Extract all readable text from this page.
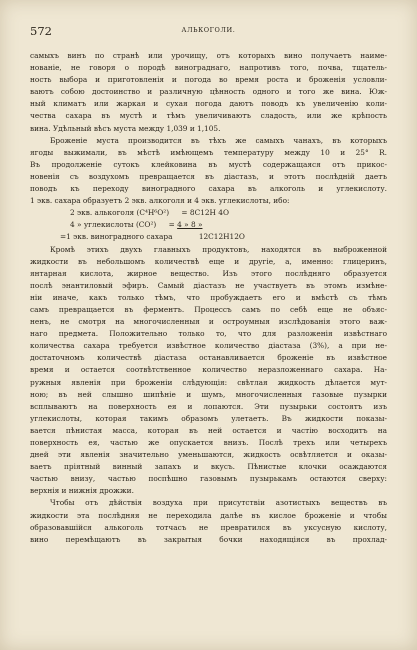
572	АЛЬКОГОЛИ.
самыхъ винъ по странѣ или урочищу, отъ которыхъ вино получаетъ наиме-
нованіе, не говоря о породѣ винограднаго, напротивъ того, почва, тщатель-
ность выбора и приготовленія и погода во время роста и броженія условли-
ваютъ собою достоинство и различную цѣнность одного и того же вина. Юж-
ный климатъ или жаркая и сухая погода даютъ поводъ къ увеличенію коли-
чества сахара въ мустѣ и тѣмъ увеличиваютъ сладость, или же крѣпость
вина. Удѣльный вѣсъ муста между 1,039 и 1,105.
Броженіе муста производится въ тѣхъ же самыхъ чанахъ, въ которыхъ
ягоды выжимали, въ мѣстѣ имѣющемъ температуру между 10 и 25° R.
Въ продолженіе сутокъ клейковина въ мустѣ содержащаяся отъ прикос-
новенія съ воздухомъ превращается въ діастазъ, и этотъ послѣдній даетъ
поводъ къ переходу виноградного сахара въ алкоголь и углекислоту.
1 экв. сахара образуетъ 2 экв. алкоголя и 4 экв. углекислоты, ибо:
2 экв. алькоголя (C⁴H⁶O²) = 8C12H 4O
4 » углекислоты (CO²) = 4 » 8 »
=1 экв. виноградного сахара	12C12H12O
Кромѣ этихъ двухъ главныхъ продуктовъ, находятся въ выброженной
жидкости въ небольшомъ количествѣ еще и другіе, а, именно: глицеринъ,
янтарная кислота, жирное вещество. Изъ этого послѣдняго образуется
послѣ энантиловый эфиръ. Самый діастазъ не участвуетъ въ этомъ измѣне-
ніи иначе, какъ только тѣмъ, что пробуждаетъ его и вмѣстѣ съ тѣмъ
самъ превращается въ ферментъ. Процессъ самъ по себѣ еще не объяс-
ненъ, не смотря на многочисленныя и остроумныя изслѣдованія этого важ-
наго предмета. Положительно только то, что для разложенія извѣстнаго
количества сахара требуется извѣстное количество діастаза (3%), а при не-
достаточномъ количествѣ діастаза останавливается броженіе въ извѣстное
время и остается соотвѣтственное количество неразложеннаго сахара. На-
ружныя явленія при броженіи слѣдующія: свѣтлая жидкость дѣлается мут-
ною; въ ней слышно шипѣніе и шумъ, многочисленныя газовые пузырки
всплываютъ на поверхность ея и лопаются. Эти пузырьки состоятъ изъ
углекислоты, которая такимъ образомъ улетаетъ. Въ жидкости показы-
вается пѣнистая масса, которая въ ней остается и частію восходитъ на
поверхность ея, частью же опускается внизъ. Послѣ трехъ или четырехъ
дней эти явленія значительно уменьшаются, жидкость освѣтляется и оказы-
ваетъ пріятный винный запахъ и вкусъ. Пѣнистые клочки осаждаются
частью внизу, частью поспѣшно газовымъ пузырькамъ остаются сверху:
верхнія и нижнія дрожжи.
Чтобы отъ дѣйствія воздуха при присутствіи азотистыхъ веществъ въ
жидкости эта послѣдняя не переходила далѣе въ кислое броженіе и чтобы
образовавшійся алькоголь тотчасъ не превратился въ уксусную кислоту,
вино перемѣщаютъ въ закрытыя бочки находящіяся въ прохлад-
